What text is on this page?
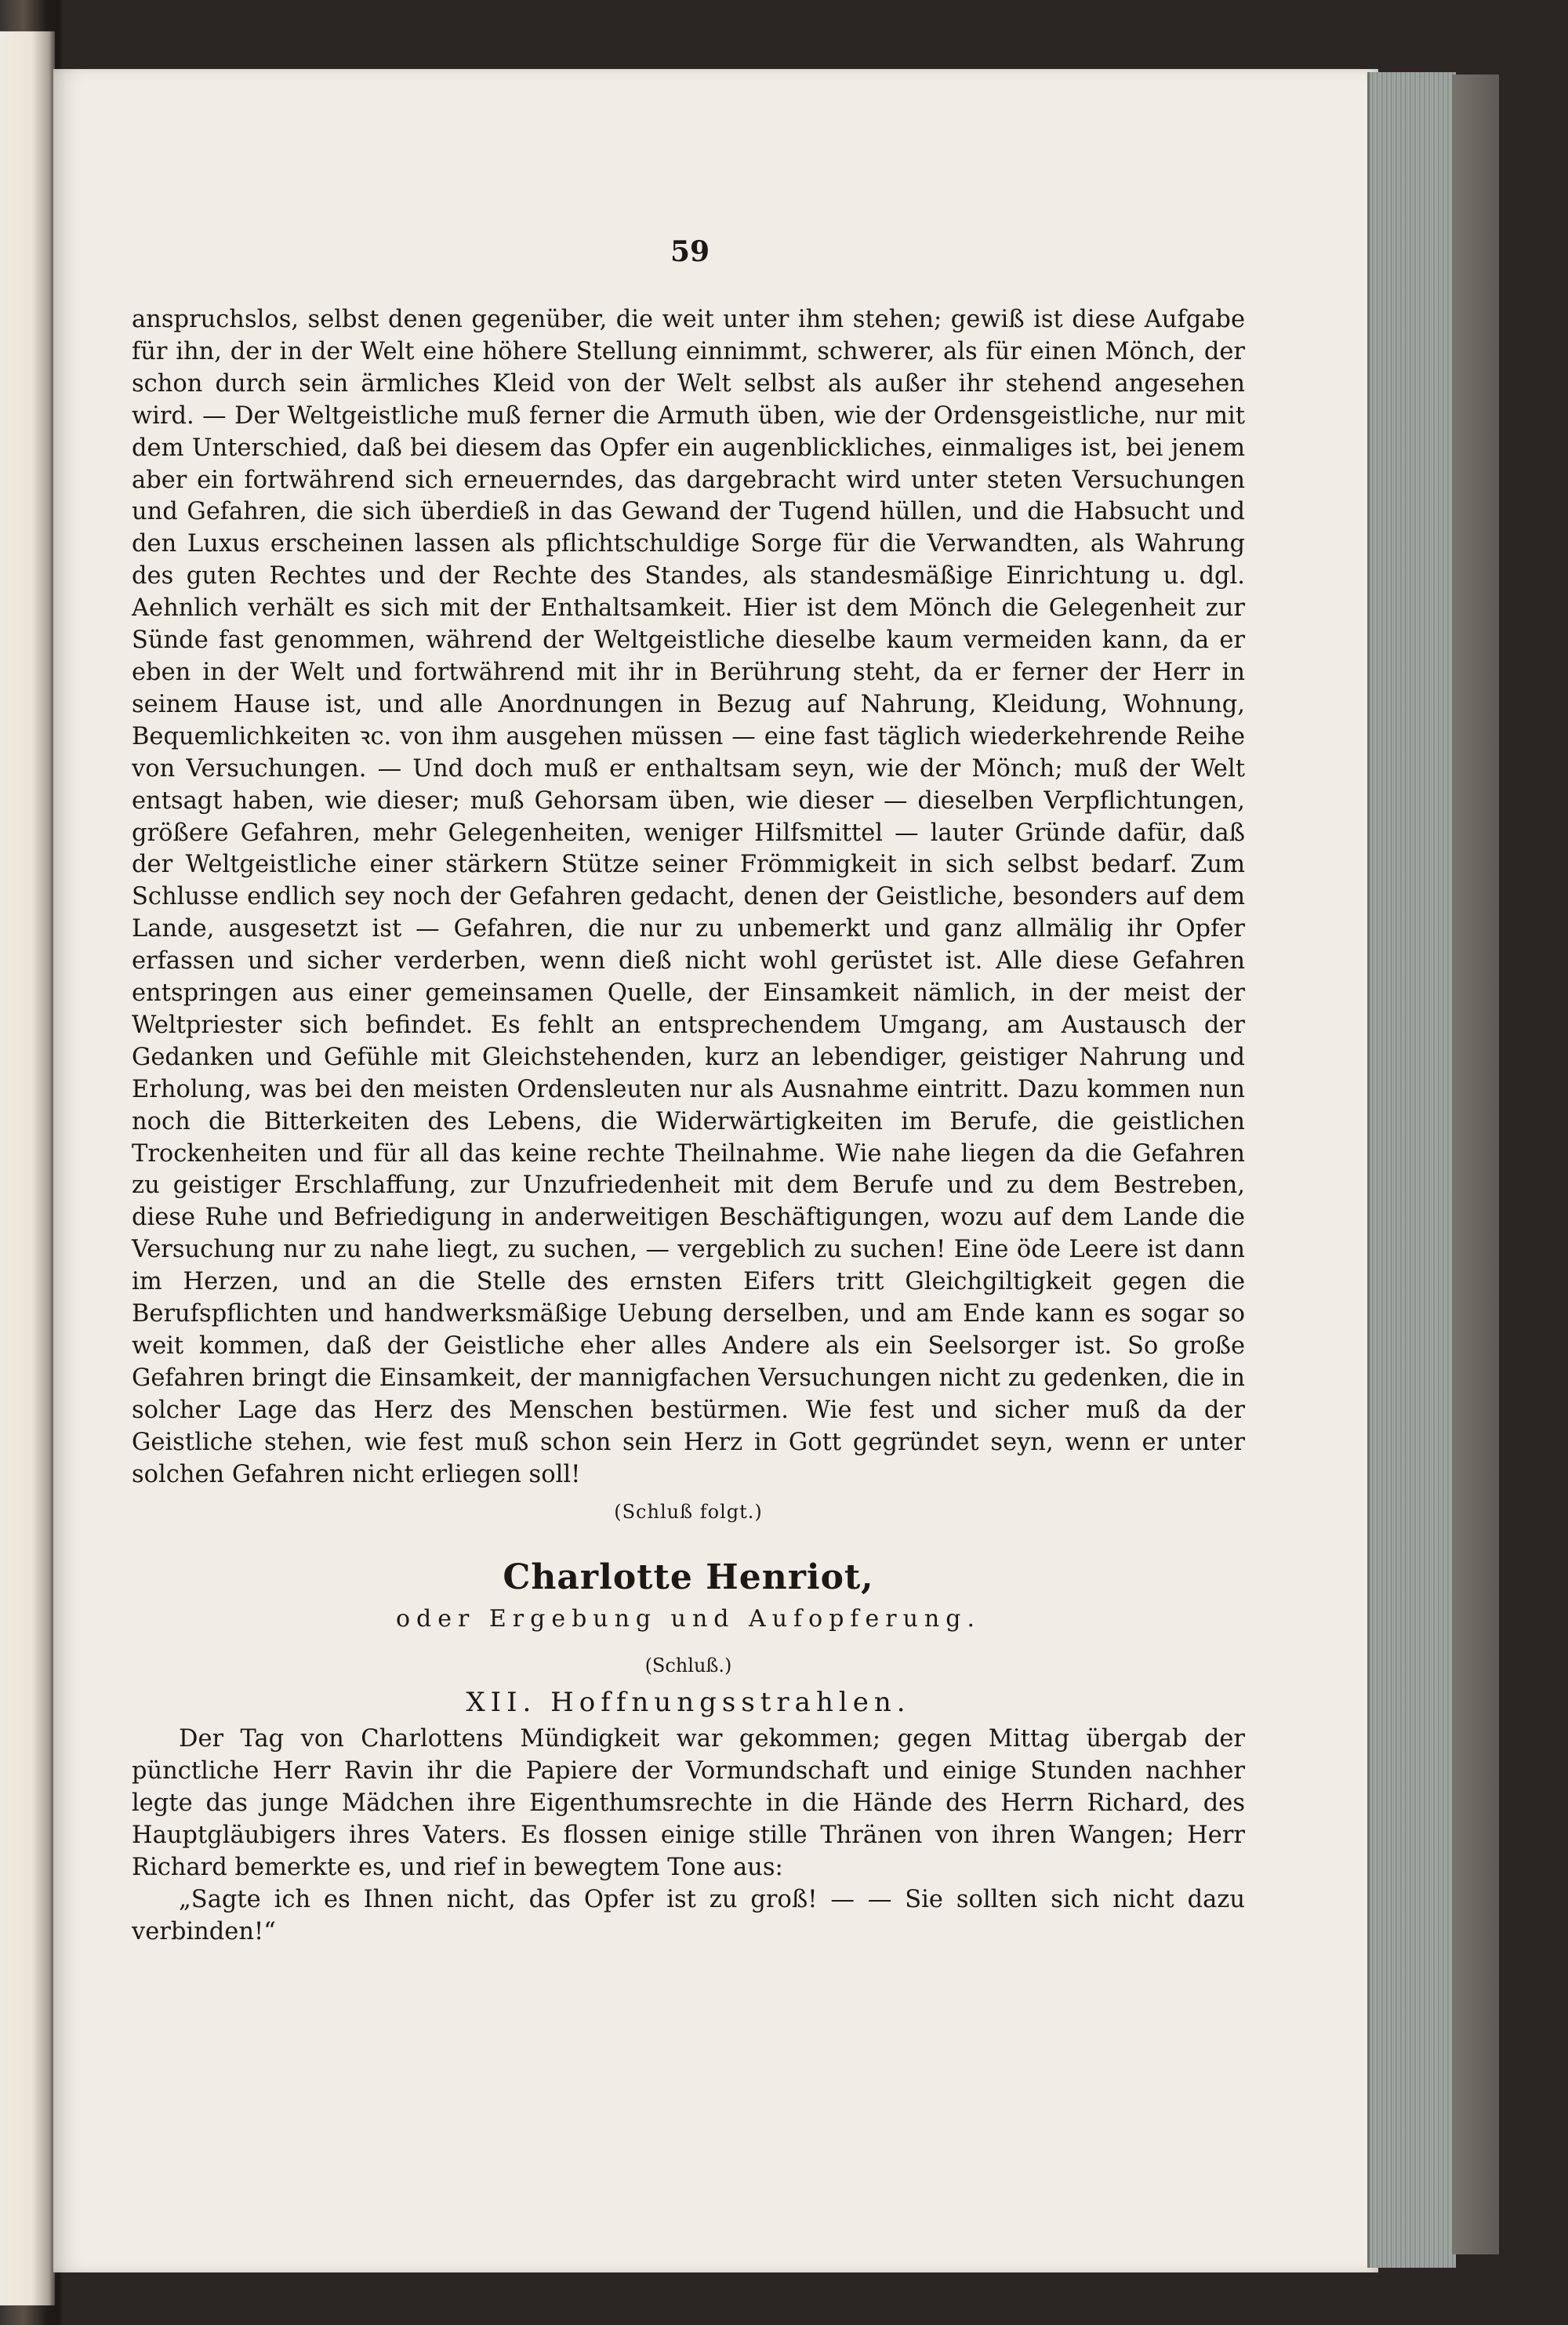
59

anspruchslos, selbst denen gegenüber, die weit unter ihm stehen; gewiß ist diese Aufgabe für ihn, der in der Welt eine höhere Stellung einnimmt, schwerer, als für einen Mönch, der schon durch sein ärmliches Kleid von der Welt selbst als außer ihr stehend angesehen wird. — Der Weltgeistliche muß ferner die Armuth üben, wie der Ordensgeistliche, nur mit dem Unterschied, daß bei diesem das Opfer ein augenblickliches, einmaliges ist, bei jenem aber ein fortwährend sich erneuerndes, das dargebracht wird unter steten Versuchungen und Gefahren, die sich überdieß in das Gewand der Tugend hüllen, und die Habsucht und den Luxus erscheinen lassen als pflichtschuldige Sorge für die Verwandten, als Wahrung des guten Rechtes und der Rechte des Standes, als standesmäßige Einrichtung u. dgl. Aehnlich verhält es sich mit der Enthaltsamkeit. Hier ist dem Mönch die Gelegenheit zur Sünde fast genommen, während der Weltgeistliche dieselbe kaum vermeiden kann, da er eben in der Welt und fortwährend mit ihr in Berührung steht, da er ferner der Herr in seinem Hause ist, und alle Anordnungen in Bezug auf Nahrung, Kleidung, Wohnung, Bequemlichkeiten ꝛc. von ihm ausgehen müssen — eine fast täglich wiederkehrende Reihe von Versuchungen. — Und doch muß er enthaltsam seyn, wie der Mönch; muß der Welt entsagt haben, wie dieser; muß Gehorsam üben, wie dieser — dieselben Verpflichtungen, größere Gefahren, mehr Gelegenheiten, weniger Hilfsmittel — lauter Gründe dafür, daß der Weltgeistliche einer stärkern Stütze seiner Frömmigkeit in sich selbst bedarf. Zum Schlusse endlich sey noch der Gefahren gedacht, denen der Geistliche, besonders auf dem Lande, ausgesetzt ist — Gefahren, die nur zu unbemerkt und ganz allmälig ihr Opfer erfassen und sicher verderben, wenn dieß nicht wohl gerüstet ist. Alle diese Gefahren entspringen aus einer gemeinsamen Quelle, der Einsamkeit nämlich, in der meist der Weltpriester sich befindet. Es fehlt an entsprechendem Umgang, am Austausch der Gedanken und Gefühle mit Gleichstehenden, kurz an lebendiger, geistiger Nahrung und Erholung, was bei den meisten Ordensleuten nur als Ausnahme eintritt. Dazu kommen nun noch die Bitterkeiten des Lebens, die Widerwärtigkeiten im Berufe, die geistlichen Trockenheiten und für all das keine rechte Theilnahme. Wie nahe liegen da die Gefahren zu geistiger Erschlaffung, zur Unzufriedenheit mit dem Berufe und zu dem Bestreben, diese Ruhe und Befriedigung in anderweitigen Beschäftigungen, wozu auf dem Lande die Versuchung nur zu nahe liegt, zu suchen, — vergeblich zu suchen! Eine öde Leere ist dann im Herzen, und an die Stelle des ernsten Eifers tritt Gleichgiltigkeit gegen die Berufspflichten und handwerksmäßige Uebung derselben, und am Ende kann es sogar so weit kommen, daß der Geistliche eher alles Andere als ein Seelsorger ist. So große Gefahren bringt die Einsamkeit, der mannigfachen Versuchungen nicht zu gedenken, die in solcher Lage das Herz des Menschen bestürmen. Wie fest und sicher muß da der Geistliche stehen, wie fest muß schon sein Herz in Gott gegründet seyn, wenn er unter solchen Gefahren nicht erliegen soll!

(Schluß folgt.)
Charlotte Henriot,
oder Ergebung und Aufopferung.
(Schluß.)
XII. Hoffnungsstrahlen.

Der Tag von Charlottens Mündigkeit war gekommen; gegen Mittag übergab der pünctliche Herr Ravin ihr die Papiere der Vormundschaft und einige Stunden nachher legte das junge Mädchen ihre Eigenthumsrechte in die Hände des Herrn Richard, des Hauptgläubigers ihres Vaters. Es flossen einige stille Thränen von ihren Wangen; Herr Richard bemerkte es, und rief in bewegtem Tone aus:

„Sagte ich es Ihnen nicht, das Opfer ist zu groß! — — Sie sollten sich nicht dazu verbinden!“
